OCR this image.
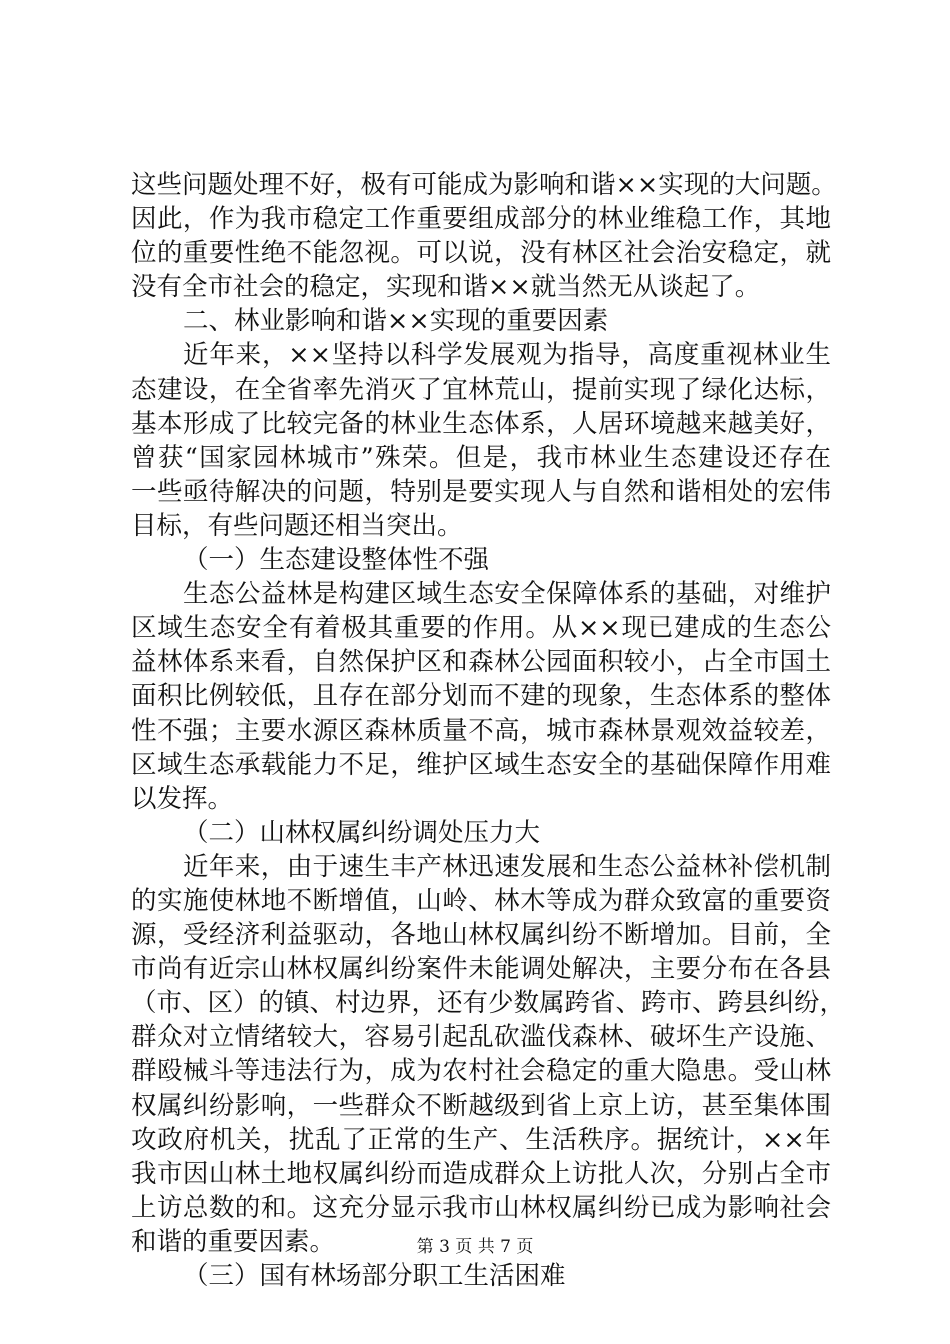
这些问题处理不好，极有可能成为影响和谐××实现的大问题。
因此，作为我市稳定工作重要组成部分的林业维稳工作，其地
位的重要性绝不能忽视。可以说，没有林区社会治安稳定，就
没有全市社会的稳定，实现和谐××就当然无从谈起了。
二、林业影响和谐××实现的重要因素
近年来，××坚持以科学发展观为指导，高度重视林业生
态建设，在全省率先消灭了宜林荒山，提前实现了绿化达标，
基本形成了比较完备的林业生态体系，人居环境越来越美好，
曾获“国家园林城市”殊荣。但是，我市林业生态建设还存在
一些亟待解决的问题，特别是要实现人与自然和谐相处的宏伟
目标，有些问题还相当突出。
（一）生态建设整体性不强
生态公益林是构建区域生态安全保障体系的基础，对维护
区域生态安全有着极其重要的作用。从××现已建成的生态公
益林体系来看，自然保护区和森林公园面积较小，占全市国土
面积比例较低，且存在部分划而不建的现象，生态体系的整体
性不强；主要水源区森林质量不高，城市森林景观效益较差，
区域生态承载能力不足，维护区域生态安全的基础保障作用难
以发挥。
（二）山林权属纠纷调处压力大
近年来，由于速生丰产林迅速发展和生态公益林补偿机制
的实施使林地不断增值，山岭、林木等成为群众致富的重要资
源，受经济利益驱动，各地山林权属纠纷不断增加。目前，全
市尚有近宗山林权属纠纷案件未能调处解决，主要分布在各县
（市、区）的镇、村边界，还有少数属跨省、跨市、跨县纠纷，
群众对立情绪较大，容易引起乱砍滥伐森林、破坏生产设施、
群殴械斗等违法行为，成为农村社会稳定的重大隐患。受山林
权属纠纷影响，一些群众不断越级到省上京上访，甚至集体围
攻政府机关，扰乱了正常的生产、生活秩序。据统计，××年
我市因山林土地权属纠纷而造成群众上访批人次，分别占全市
上访总数的和。这充分显示我市山林权属纠纷已成为影响社会
和谐的重要因素。
（三）国有林场部分职工生活困难
第 3 页 共 7 页
